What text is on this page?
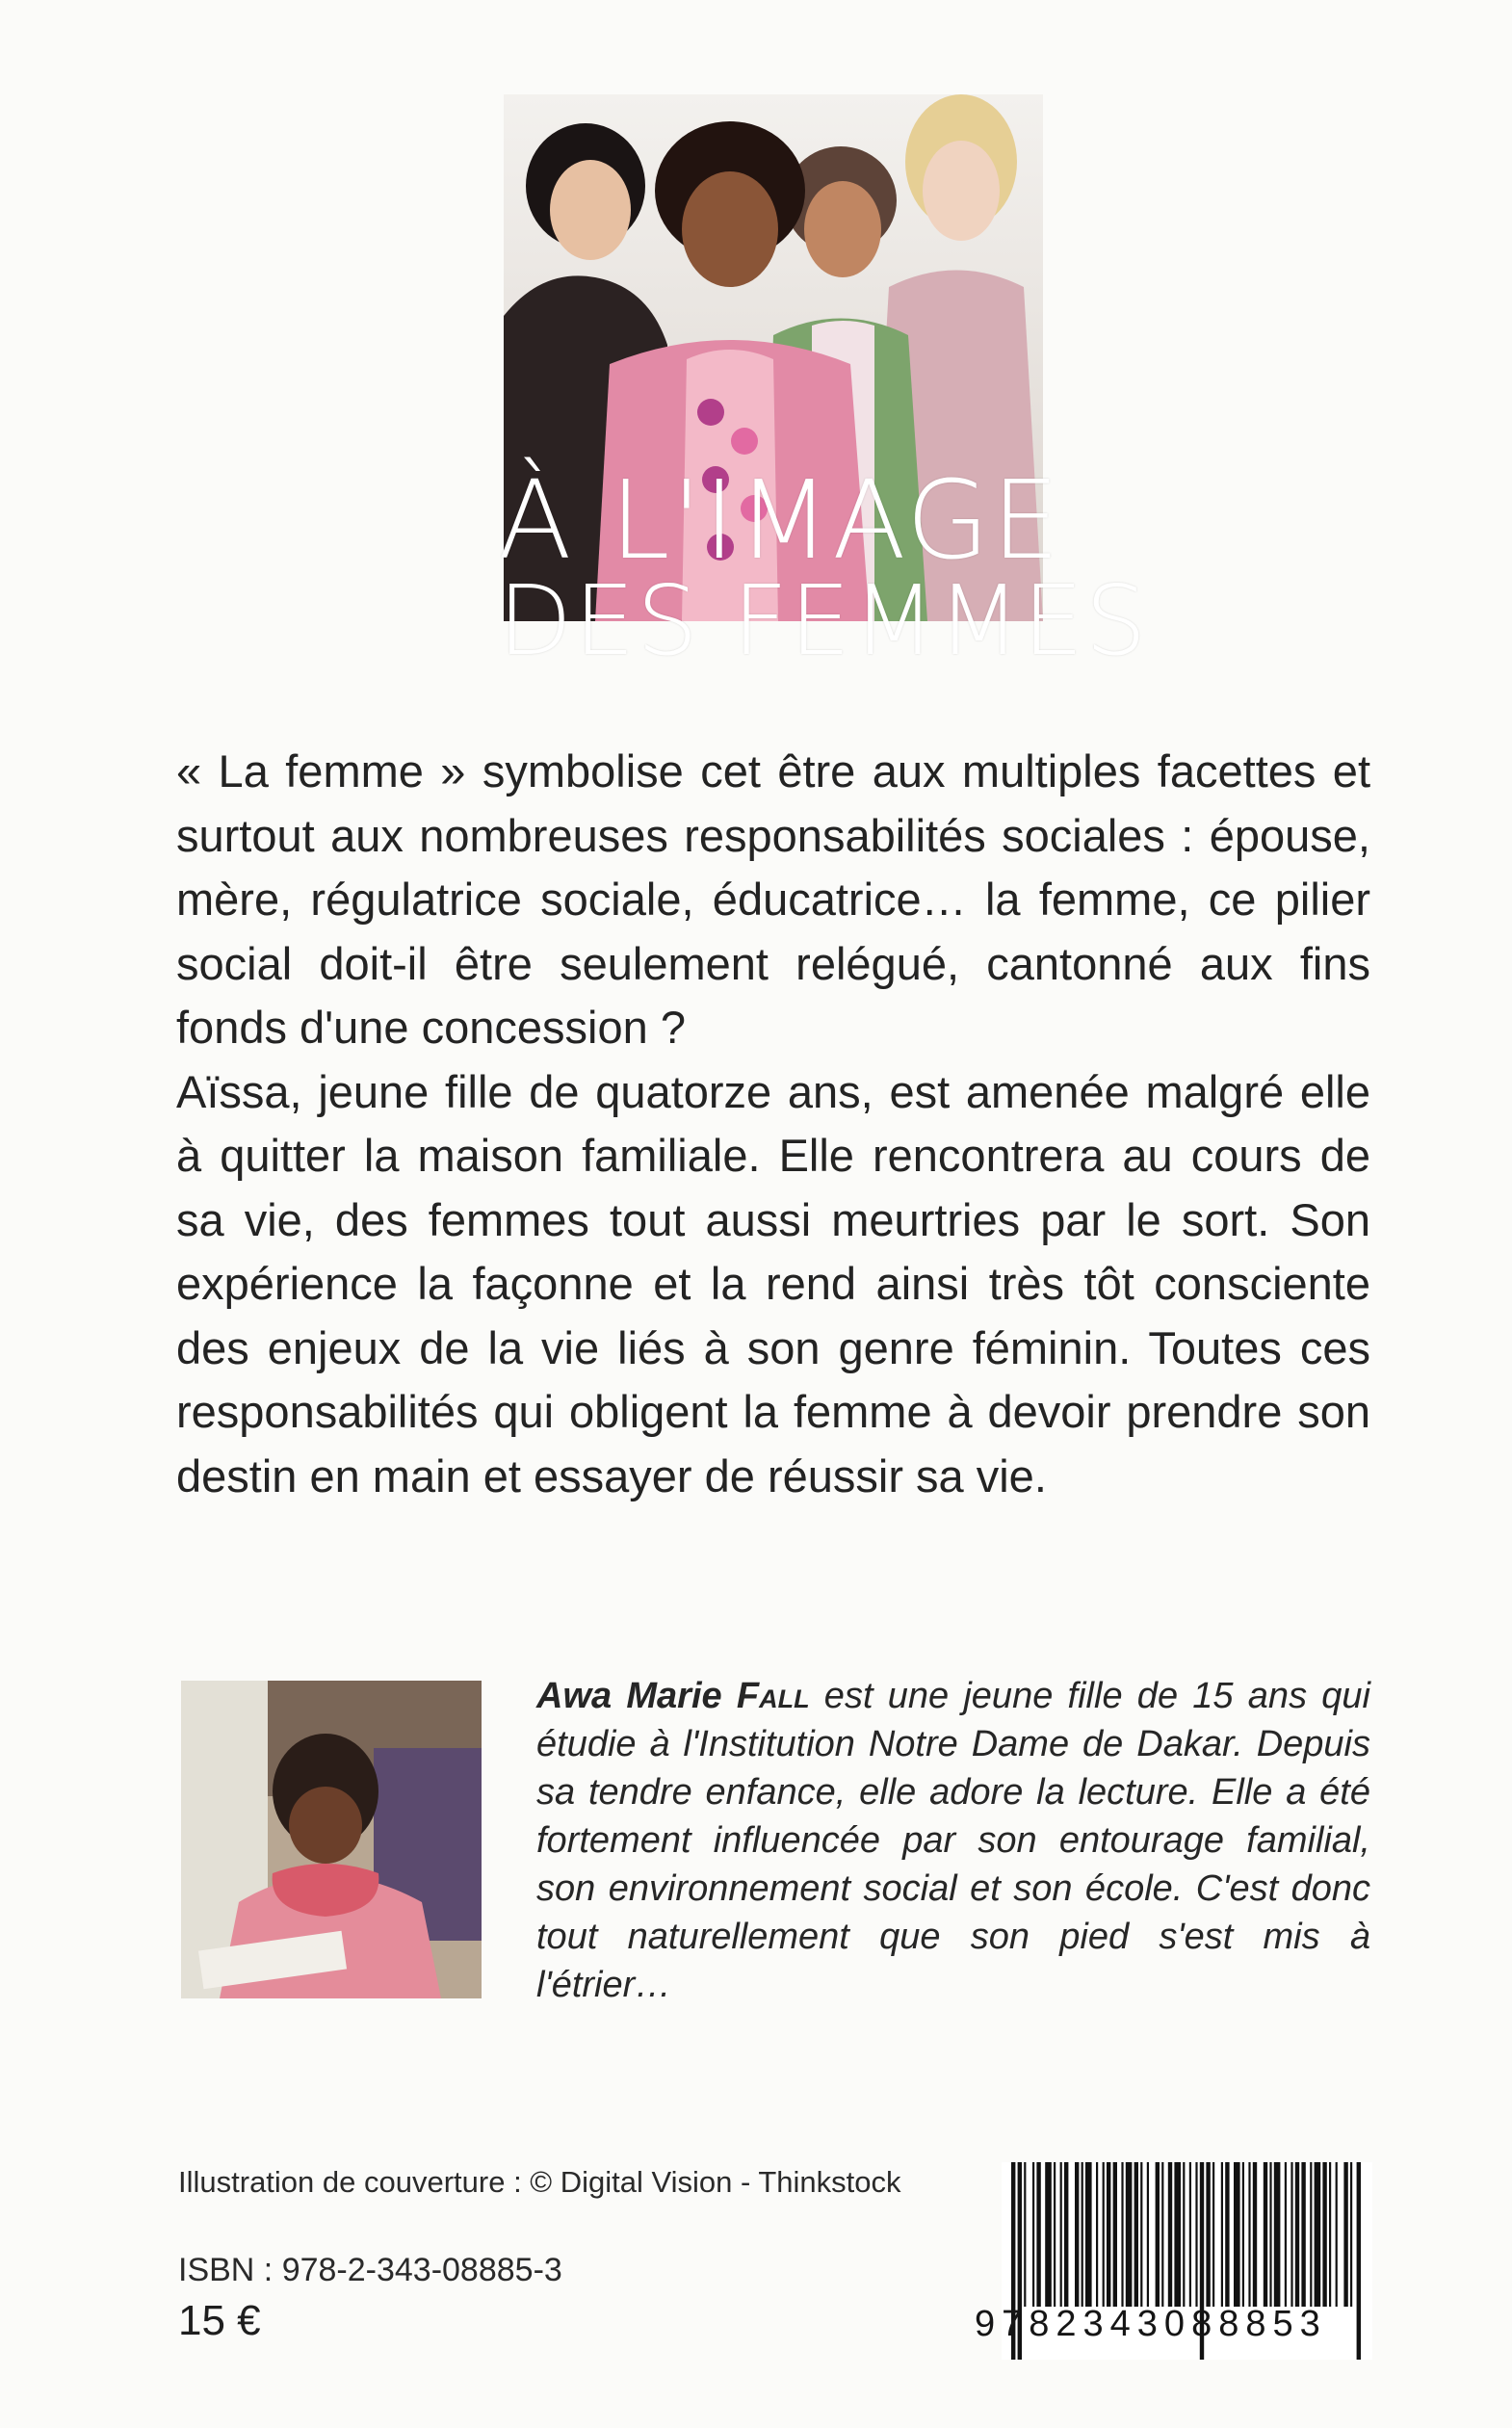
À L'IMAGE
DES FEMMES

« La femme » symbolise cet être aux multiples facettes et surtout aux nombreuses responsabilités sociales : épouse, mère, régulatrice sociale, éducatrice… la femme, ce pilier social doit-il être seulement relégué, cantonné aux fins fonds d'une concession ?

Aïssa, jeune fille de quatorze ans, est amenée malgré elle à quitter la maison familiale. Elle rencontrera au cours de sa vie, des femmes tout aussi meurtries par le sort. Son expérience la façonne et la rend ainsi très tôt consciente des enjeux de la vie liés à son genre féminin. Toutes ces responsabilités qui obligent la femme à devoir prendre son destin en main et essayer de réussir sa vie.

Awa Marie Fall est une jeune fille de 15 ans qui étudie à l'Institution Notre Dame de Dakar. Depuis sa tendre enfance, elle adore la lecture. Elle a été fortement influencée par son entourage familial, son environnement social et son école. C'est donc tout naturellement que son pied s'est mis à l'étrier…
Illustration de couverture : © Digital Vision - Thinkstock
ISBN : 978-2-343-08885-3
15 €	9782343088853
